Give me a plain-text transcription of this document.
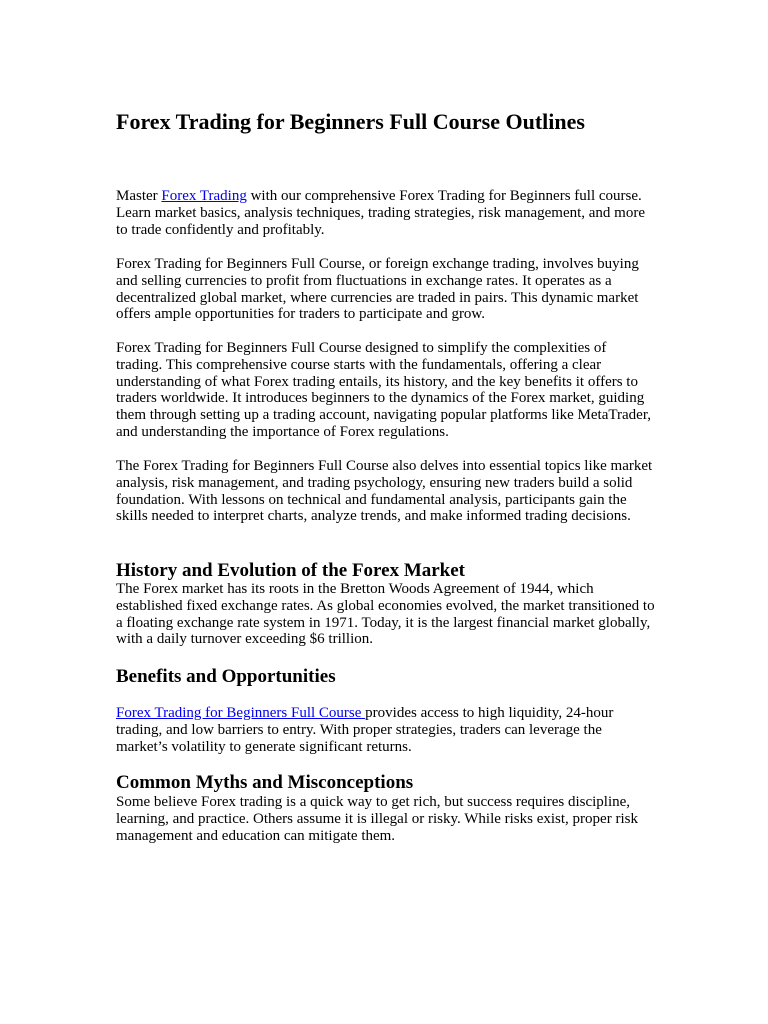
Forex Trading for Beginners Full Course Outlines

Master Forex Trading with our comprehensive Forex Trading for Beginners full course. Learn market basics, analysis techniques, trading strategies, risk management, and more to trade confidently and profitably.

Forex Trading for Beginners Full Course, or foreign exchange trading, involves buying and selling currencies to profit from fluctuations in exchange rates. It operates as a decentralized global market, where currencies are traded in pairs. This dynamic market offers ample opportunities for traders to participate and grow.

Forex Trading for Beginners Full Course designed to simplify the complexities of trading. This comprehensive course starts with the fundamentals, offering a clear understanding of what Forex trading entails, its history, and the key benefits it offers to traders worldwide. It introduces beginners to the dynamics of the Forex market, guiding them through setting up a trading account, navigating popular platforms like MetaTrader, and understanding the importance of Forex regulations.

The Forex Trading for Beginners Full Course also delves into essential topics like market analysis, risk management, and trading psychology, ensuring new traders build a solid foundation. With lessons on technical and fundamental analysis, participants gain the skills needed to interpret charts, analyze trends, and make informed trading decisions.

History and Evolution of the Forex Market

The Forex market has its roots in the Bretton Woods Agreement of 1944, which established fixed exchange rates. As global economies evolved, the market transitioned to a floating exchange rate system in 1971. Today, it is the largest financial market globally, with a daily turnover exceeding $6 trillion.

Benefits and Opportunities

Forex Trading for Beginners Full Course provides access to high liquidity, 24-hour trading, and low barriers to entry. With proper strategies, traders can leverage the market’s volatility to generate significant returns.

Common Myths and Misconceptions

Some believe Forex trading is a quick way to get rich, but success requires discipline, learning, and practice. Others assume it is illegal or risky. While risks exist, proper risk management and education can mitigate them.
